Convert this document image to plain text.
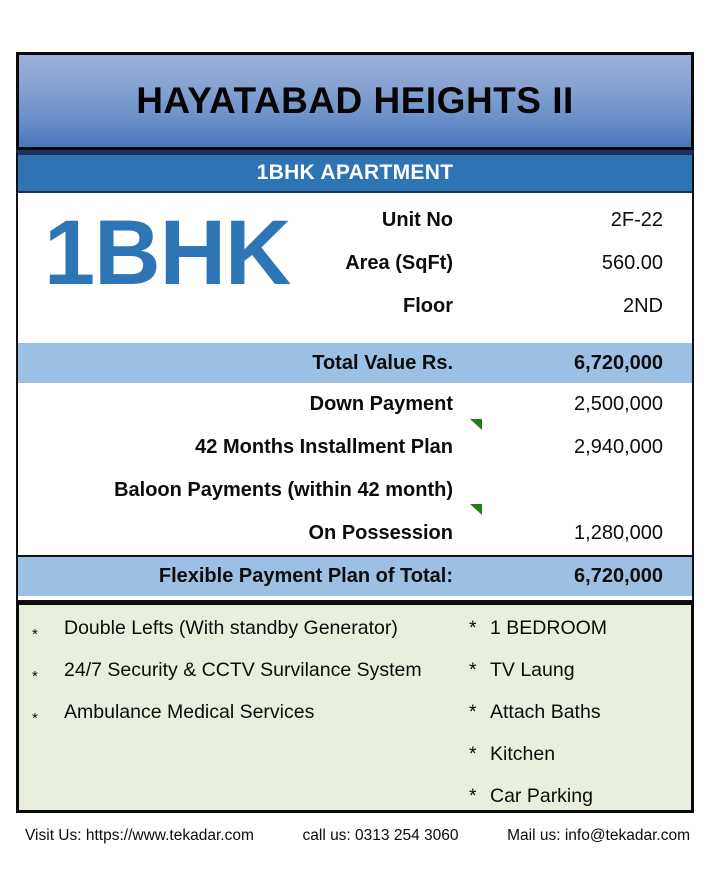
HAYATABAD HEIGHTS II
1BHK APARTMENT
1BHK	Unit No	2F-22
Area (SqFt)	560.00
Floor	2ND
Total Value Rs.	6,720,000
Down Payment	2,500,000
42 Months Installment Plan	2,940,000
Baloon Payments (within 42 month)
On Possession	1,280,000
Flexible Payment Plan of Total:	6,720,000
*	Double Lefts (With standby Generator)
*	24/7 Security & CCTV Survilance System
*	Ambulance Medical Services
* 1 BEDROOM
* TV Laung
* Attach Baths
* Kitchen
* Car Parking
Visit Us: https://www.tekadar.com	call us: 0313 254 3060	Mail us: info@tekadar.com
